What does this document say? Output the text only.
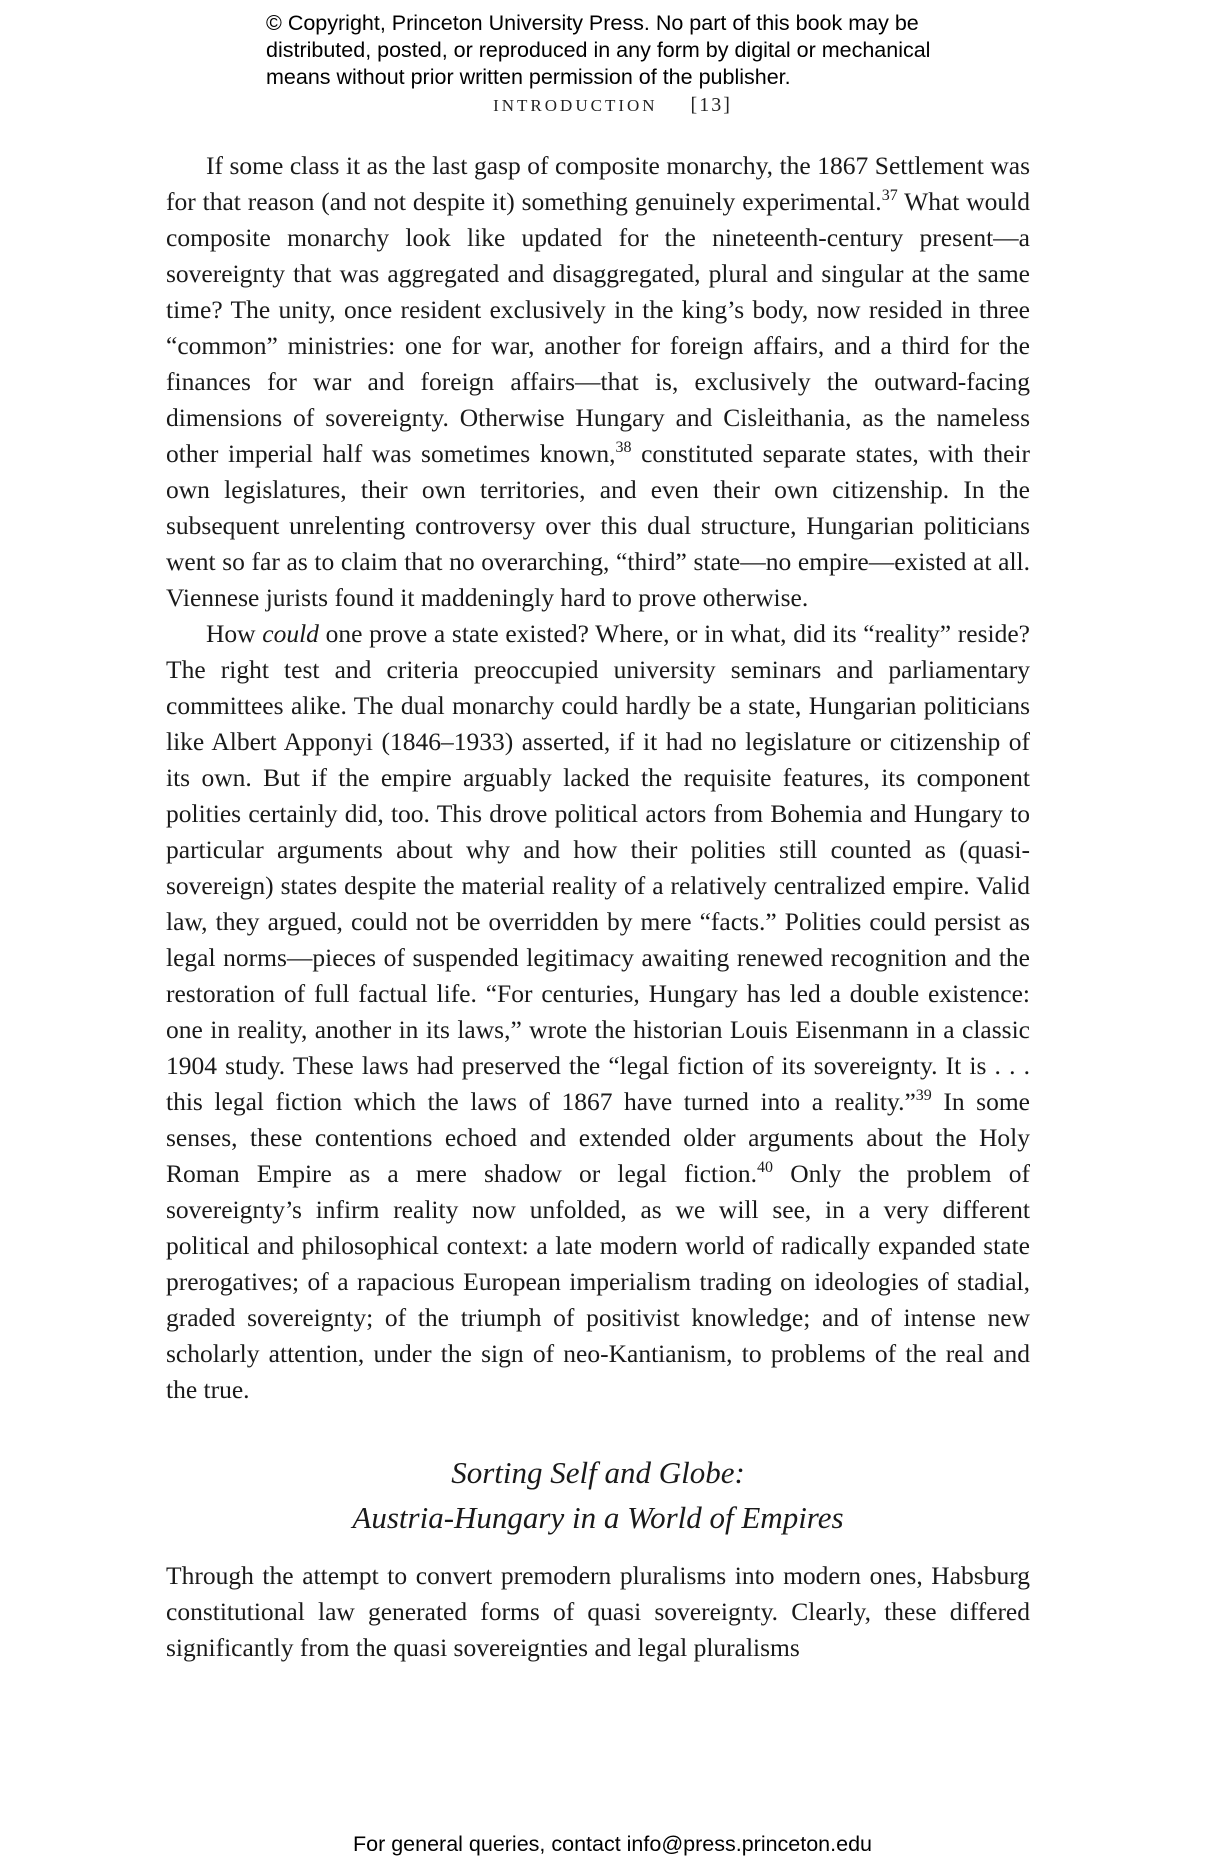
© Copyright, Princeton University Press. No part of this book may be
distributed, posted, or reproduced in any form by digital or mechanical
means without prior written permission of the publisher.
INTRODUCTION [13]

If some class it as the last gasp of composite monarchy, the 1867 Settlement was for that reason (and not despite it) something genuinely experimental.$^{37}$ What would composite monarchy look like updated for the nineteenth-century present—a sovereignty that was aggregated and disaggregated, plural and singular at the same time? The unity, once resident exclusively in the king’s body, now resided in three “common” ministries: one for war, another for foreign affairs, and a third for the finances for war and foreign affairs—that is, exclusively the outward-facing dimensions of sovereignty. Otherwise Hungary and Cisleithania, as the nameless other imperial half was sometimes known,$^{38}$ constituted separate states, with their own legislatures, their own territories, and even their own citizenship. In the subsequent unrelenting controversy over this dual structure, Hungarian politicians went so far as to claim that no overarching, “third” state—no empire—existed at all. Viennese jurists found it maddeningly hard to prove otherwise.

How could one prove a state existed? Where, or in what, did its “reality” reside? The right test and criteria preoccupied university seminars and parliamentary committees alike. The dual monarchy could hardly be a state, Hungarian politicians like Albert Apponyi (1846–1933) asserted, if it had no legislature or citizenship of its own. But if the empire arguably lacked the requisite features, its component polities certainly did, too. This drove political actors from Bohemia and Hungary to particular arguments about why and how their polities still counted as (quasi-sovereign) states despite the material reality of a relatively centralized empire. Valid law, they argued, could not be overridden by mere “facts.” Polities could persist as legal norms—pieces of suspended legitimacy awaiting renewed recognition and the restoration of full factual life. “For centuries, Hungary has led a double existence: one in reality, another in its laws,” wrote the historian Louis Eisenmann in a classic 1904 study. These laws had preserved the “legal fiction of its sovereignty. It is . . . this legal fiction which the laws of 1867 have turned into a reality.”$^{39}$ In some senses, these contentions echoed and extended older arguments about the Holy Roman Empire as a mere shadow or legal fiction.$^{40}$ Only the problem of sovereignty’s infirm reality now unfolded, as we will see, in a very different political and philosophical context: a late modern world of radically expanded state prerogatives; of a rapacious European imperialism trading on ideologies of stadial, graded sovereignty; of the triumph of positivist knowledge; and of intense new scholarly attention, under the sign of neo-Kantianism, to problems of the real and the true.

Sorting Self and Globe:
Austria-Hungary in a World of Empires

Through the attempt to convert premodern pluralisms into modern ones, Habsburg constitutional law generated forms of quasi sovereignty. Clearly, these differed significantly from the quasi sovereignties and legal pluralisms

For general queries, contact info@press.princeton.edu
